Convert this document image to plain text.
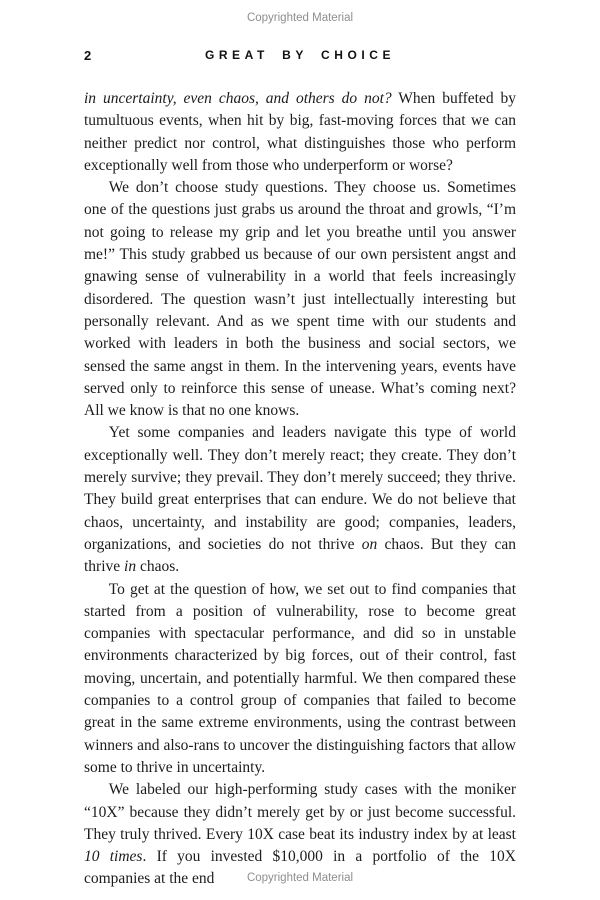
Copyrighted Material
2	GREAT BY CHOICE

in uncertainty, even chaos, and others do not? When buffeted by tumultuous events, when hit by big, fast-moving forces that we can neither predict nor control, what distinguishes those who perform exceptionally well from those who underperform or worse?

We don’t choose study questions. They choose us. Sometimes one of the questions just grabs us around the throat and growls, “I’m not going to release my grip and let you breathe until you answer me!” This study grabbed us because of our own persistent angst and gnawing sense of vulnerability in a world that feels increasingly disordered. The question wasn’t just intellectually interesting but personally relevant. And as we spent time with our students and worked with leaders in both the business and social sectors, we sensed the same angst in them. In the intervening years, events have served only to reinforce this sense of unease. What’s coming next? All we know is that no one knows.

Yet some companies and leaders navigate this type of world exceptionally well. They don’t merely react; they create. They don’t merely survive; they prevail. They don’t merely succeed; they thrive. They build great enterprises that can endure. We do not believe that chaos, uncertainty, and instability are good; companies, leaders, organizations, and societies do not thrive on chaos. But they can thrive in chaos.

To get at the question of how, we set out to find companies that started from a position of vulnerability, rose to become great companies with spectacular performance, and did so in unstable environments characterized by big forces, out of their control, fast moving, uncertain, and potentially harmful. We then compared these companies to a control group of companies that failed to become great in the same extreme environments, using the contrast between winners and also-rans to uncover the distinguishing factors that allow some to thrive in uncertainty.

We labeled our high-performing study cases with the moniker “10X” because they didn’t merely get by or just become successful. They truly thrived. Every 10X case beat its industry index by at least 10 times. If you invested $10,000 in a portfolio of the 10X companies at the end	Copyrighted Material
